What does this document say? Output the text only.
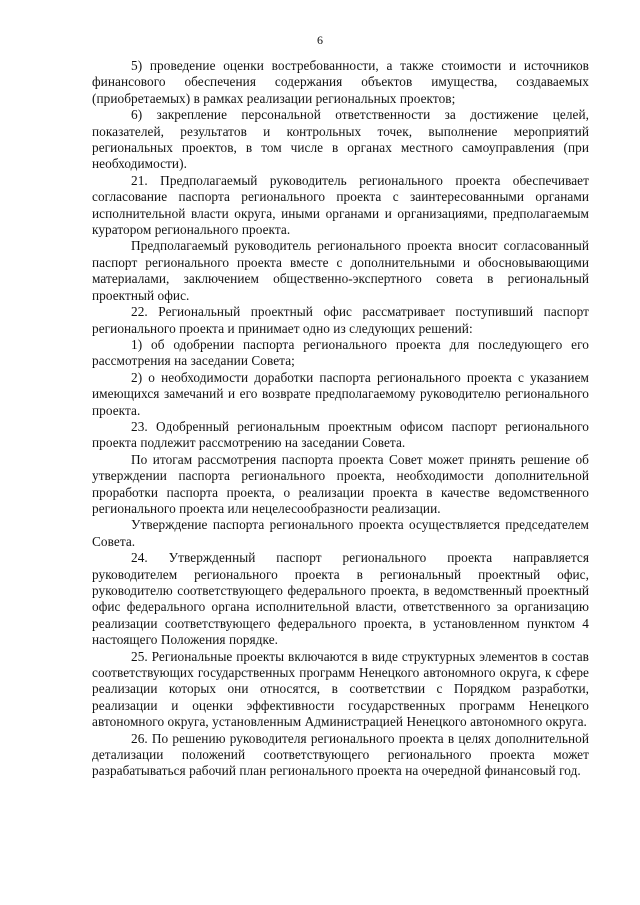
6

5) проведение оценки востребованности, а также стоимости и источников финансового обеспечения содержания объектов имущества, создаваемых (приобретаемых) в рамках реализации региональных проектов;

6) закрепление персональной ответственности за достижение целей, показателей, результатов и контрольных точек, выполнение мероприятий региональных проектов, в том числе в органах местного самоуправления (при необходимости).

21. Предполагаемый руководитель регионального проекта обеспечивает согласование паспорта регионального проекта с заинтересованными органами исполнительной власти округа, иными органами и организациями, предполагаемым куратором регионального проекта.

Предполагаемый руководитель регионального проекта вносит согласованный паспорт регионального проекта вместе с дополнительными и обосновывающими материалами, заключением общественно-экспертного совета в региональный проектный офис.

22. Региональный проектный офис рассматривает поступивший паспорт регионального проекта и принимает одно из следующих решений:

1) об одобрении паспорта регионального проекта для последующего его рассмотрения на заседании Совета;

2) о необходимости доработки паспорта регионального проекта с указанием имеющихся замечаний и его возврате предполагаемому руководителю регионального проекта.

23. Одобренный региональным проектным офисом паспорт регионального проекта подлежит рассмотрению на заседании Совета.

По итогам рассмотрения паспорта проекта Совет может принять решение об утверждении паспорта регионального проекта, необходимости дополнительной проработки паспорта проекта, о реализации проекта в качестве ведомственного регионального проекта или нецелесообразности реализации.

Утверждение паспорта регионального проекта осуществляется председателем Совета.

24. Утвержденный паспорт регионального проекта направляется руководителем регионального проекта в региональный проектный офис, руководителю соответствующего федерального проекта, в ведомственный проектный офис федерального органа исполнительной власти, ответственного за организацию реализации соответствующего федерального проекта, в установленном пунктом 4 настоящего Положения порядке.

25. Региональные проекты включаются в виде структурных элементов в состав соответствующих государственных программ Ненецкого автономного округа, к сфере реализации которых они относятся, в соответствии с Порядком разработки, реализации и оценки эффективности государственных программ Ненецкого автономного округа, установленным Администрацией Ненецкого автономного округа.

26. По решению руководителя регионального проекта в целях дополнительной детализации положений соответствующего регионального проекта может разрабатываться рабочий план регионального проекта на очередной финансовый год.
